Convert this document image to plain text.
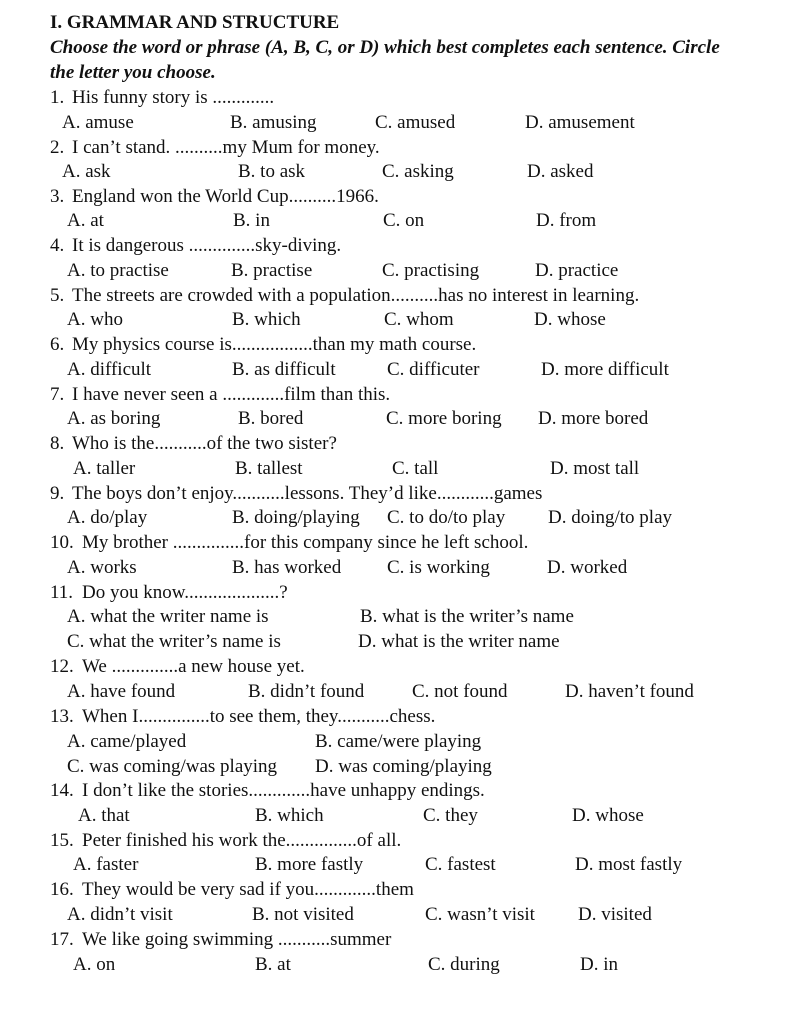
I. GRAMMAR AND STRUCTURE
Choose the word or phrase (A, B, C, or D) which best completes each sentence. Circle
the letter you choose.
1. His funny story is .............
A. amuse	B. amusing	C. amused	D. amusement
2. I can’t stand. ..........my Mum for money.
A. ask	B. to ask	C. asking	D. asked
3. England won the World Cup..........1966.
A. at	B. in	C. on	D. from
4. It is dangerous ..............sky-diving.
A. to practise	B. practise	C. practising	D. practice
5. The streets are crowded with a population..........has no interest in learning.
A. who	B. which	C. whom	D. whose
6. My physics course is.................than my math course.
A. difficult	B. as difficult	C. difficuter	D. more difficult
7. I have never seen a .............film than this.
A. as boring	B. bored	C. more boring D. more bored
8. Who is the...........of the two sister?
A. taller	B. tallest	C. tall	D. most tall
9. The boys don’t enjoy...........lessons. They’d like............games
A. do/play	B. doing/playing C. to do/to play D. doing/to play
10. My brother ...............for this company since he left school.
A. works	B. has worked C. is working	D. worked
11. Do you know....................?
A. what the writer name is	B. what is the writer’s name
C. what the writer’s name is	D. what is the writer name
12. We ..............a new house yet.
A. have found	B. didn’t found	C. not found	D. haven’t found
13. When I...............to see them, they...........chess.
A. came/played	B. came/were playing
C. was coming/was playing D. was coming/playing
14. I don’t like the stories.............have unhappy endings.
A. that	B. which	C. they	D. whose
15. Peter finished his work the...............of all.
A. faster	B. more fastly	C. fastest	D. most fastly
16. They would be very sad if you.............them
A. didn’t visit	B. not visited	C. wasn’t visit D. visited
17. We like going swimming ...........summer
A. on	B. at	C. during	D. in
